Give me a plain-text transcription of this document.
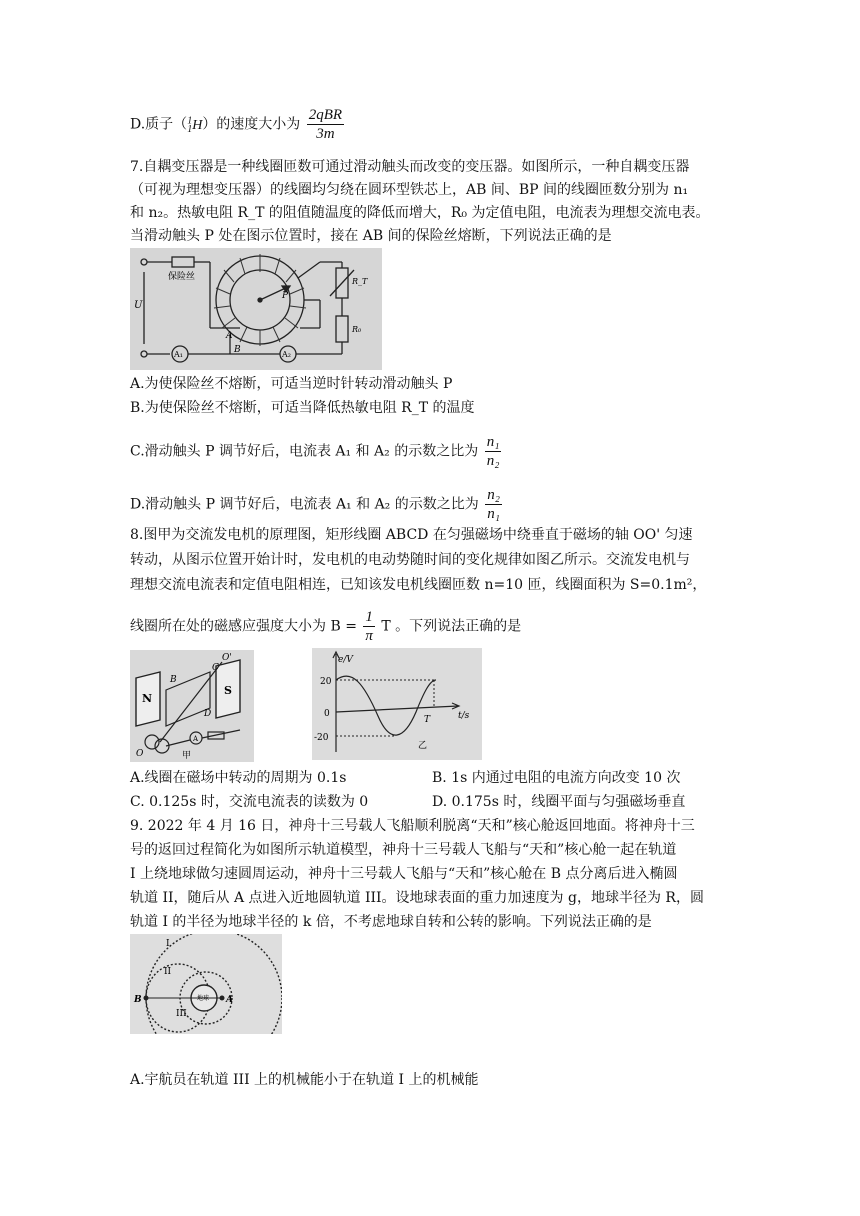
D.质子（$^1_1$H）的速度大小为 $\frac{\text{2qBR}}{3m}$
7.自耦变压器是一种线圈匝数可通过滑动触头而改变的变压器。如图所示，一种自耦变压器
（可视为理想变压器）的线圈均匀绕在圆环型铁芯上，AB 间、BP 间的线圈匝数分别为 n₁
和 n₂。热敏电阻 R_T 的阻值随温度的降低而增大，R₀ 为定值电阻，电流表为理想交流电表。
当滑动触头 P 处在图示位置时，接在 AB 间的保险丝熔断，下列说法正确的是
保险丝
U
P
A
B
R_T
R₀
A₁	A₂
A.为使保险丝不熔断，可适当逆时针转动滑动触头 P
B.为使保险丝不熔断，可适当降低热敏电阻 R_T 的温度
C.滑动触头 P 调节好后，电流表 A₁ 和 A₂ 的示数之比为 $\frac{\text{n₁}}{\text{n₂}}$
D.滑动触头 P 调节好后，电流表 A₁ 和 A₂ 的示数之比为 $\frac{\text{n₂}}{\text{n₁}}$
8.图甲为交流发电机的原理图，矩形线圈 ABCD 在匀强磁场中绕垂直于磁场的轴 OO' 匀速
转动，从图示位置开始计时，发电机的电动势随时间的变化规律如图乙所示。交流发电机与
理想交流电流表和定值电阻相连，已知该发电机线圈匝数 n=10 匝，线圈面积为 S=0.1m²，
线圈所在处的磁感应强度大小为 $B = \frac{1}{\pi}$ T 。下列说法正确的是
N
S
B
C
D
O'
O
A
甲
e/V
20
0
-20
T	t/s
乙
A.线圈在磁场中转动的周期为 0.1s	B. 1s 内通过电阻的电流方向改变 10 次
C. 0.125s 时，交流电流表的读数为 0	D. 0.175s 时，线圈平面与匀强磁场垂直
9. 2022 年 4 月 16 日，神舟十三号载人飞船顺利脱离“天和”核心舱返回地面。将神舟十三
号的返回过程简化为如图所示轨道模型，神舟十三号载人飞船与“天和”核心舱一起在轨道
I 上绕地球做匀速圆周运动，神舟十三号载人飞船与“天和”核心舱在 B 点分离后进入椭圆
轨道 II，随后从 A 点进入近地圆轨道 III。设地球表面的重力加速度为 g，地球半径为 R，圆
轨道 I 的半径为地球半径的 k 倍，不考虑地球自转和公转的影响。下列说法正确的是
I
II
III
B	A
地球
A.宇航员在轨道 III 上的机械能小于在轨道 I 上的机械能
